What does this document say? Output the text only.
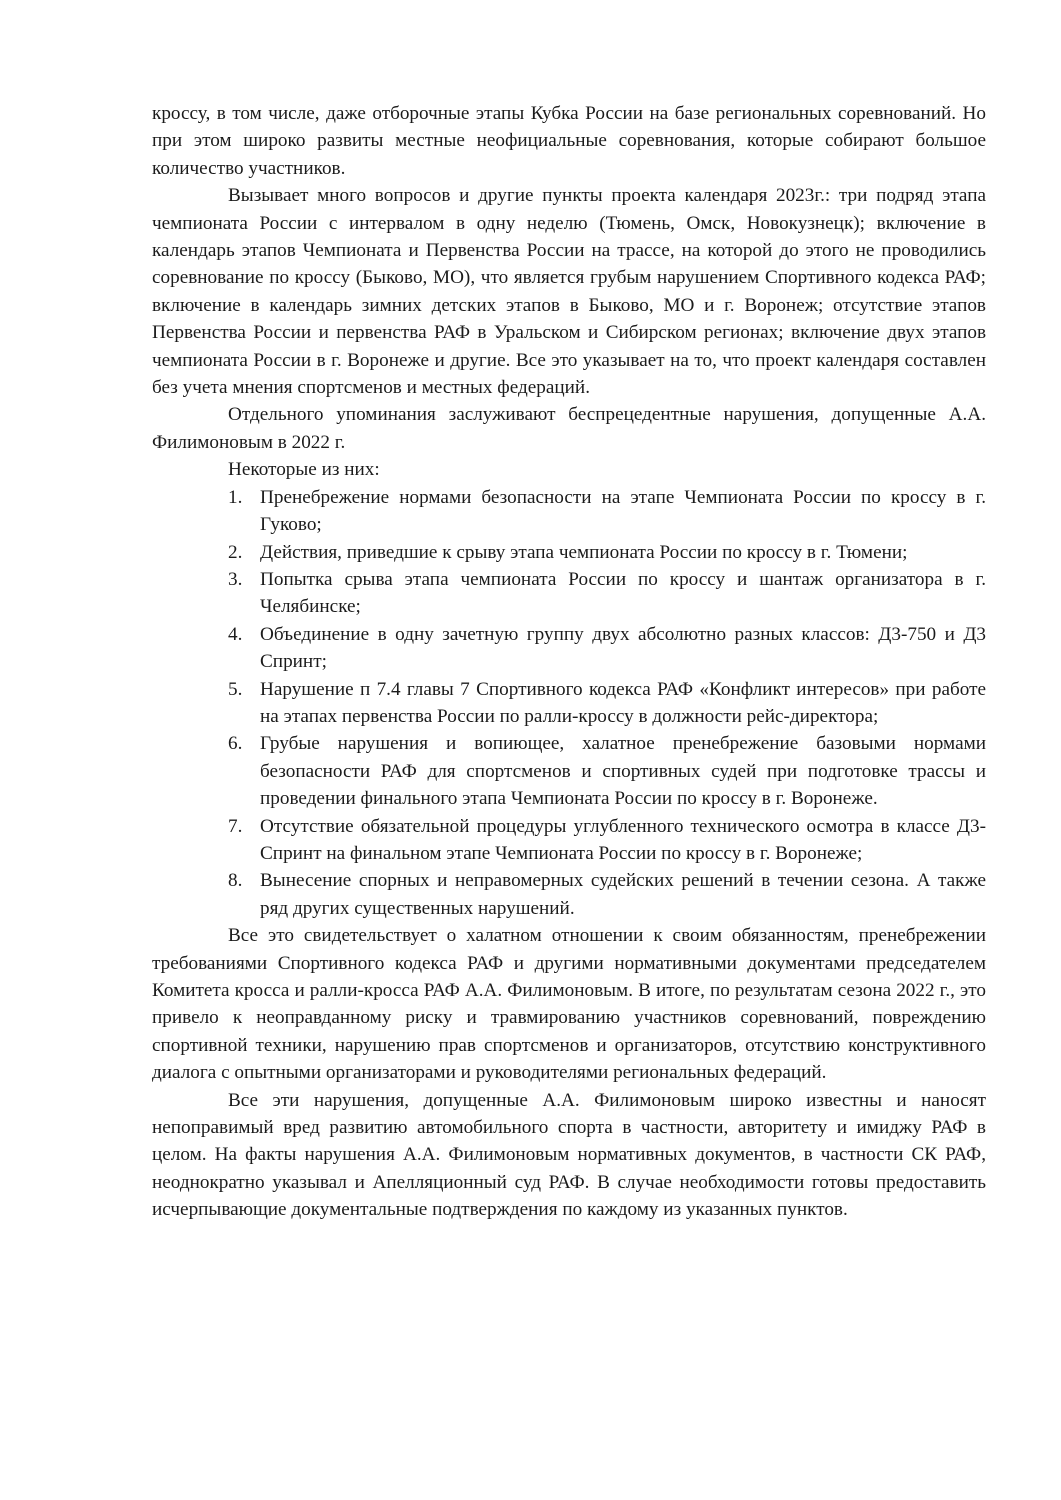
кроссу, в том числе, даже отборочные этапы Кубка России на базе региональных соревнований. Но при этом широко развиты местные неофициальные соревнования, которые собирают большое количество участников.

Вызывает много вопросов и другие пункты проекта календаря 2023г.: три подряд этапа чемпионата России с интервалом в одну неделю (Тюмень, Омск, Новокузнецк); включение в календарь этапов Чемпионата и Первенства России на трассе, на которой до этого не проводились соревнование по кроссу (Быково, МО), что является грубым нарушением Спортивного кодекса РАФ; включение в календарь зимних детских этапов в Быково, МО и г. Воронеж; отсутствие этапов Первенства России и первенства РАФ в Уральском и Сибирском регионах; включение двух этапов чемпионата России в г. Воронеже и другие. Все это указывает на то, что проект календаря составлен без учета мнения спортсменов и местных федераций.

Отдельного упоминания заслуживают беспрецедентные нарушения, допущенные А.А. Филимоновым в 2022 г.

Некоторые из них:

1. Пренебрежение нормами безопасности на этапе Чемпионата России по кроссу в г. Гуково;
2. Действия, приведшие к срыву этапа чемпионата России по кроссу в г. Тюмени;
3. Попытка срыва этапа чемпионата России по кроссу и шантаж организатора в г. Челябинске;
4. Объединение в одну зачетную группу двух абсолютно разных классов: Д3-750 и Д3 Спринт;
5. Нарушение п 7.4 главы 7 Спортивного кодекса РАФ «Конфликт интересов» при работе на этапах первенства России по ралли-кроссу в должности рейс-директора;
6. Грубые нарушения и вопиющее, халатное пренебрежение базовыми нормами безопасности РАФ для спортсменов и спортивных судей при подготовке трассы и проведении финального этапа Чемпионата России по кроссу в г. Воронеже.
7. Отсутствие обязательной процедуры углубленного технического осмотра в классе Д3-Спринт на финальном этапе Чемпионата России по кроссу в г. Воронеже;
8. Вынесение спорных и неправомерных судейских решений в течении сезона. А также ряд других существенных нарушений.

Все это свидетельствует о халатном отношении к своим обязанностям, пренебрежении требованиями Спортивного кодекса РАФ и другими нормативными документами председателем Комитета кросса и ралли-кросса РАФ А.А. Филимоновым. В итоге, по результатам сезона 2022 г., это привело к неоправданному риску и травмированию участников соревнований, повреждению спортивной техники, нарушению прав спортсменов и организаторов, отсутствию конструктивного диалога с опытными организаторами и руководителями региональных федераций.

Все эти нарушения, допущенные А.А. Филимоновым широко известны и наносят непоправимый вред развитию автомобильного спорта в частности, авторитету и имиджу РАФ в целом. На факты нарушения А.А. Филимоновым нормативных документов, в частности СК РАФ, неоднократно указывал и Апелляционный суд РАФ. В случае необходимости готовы предоставить исчерпывающие документальные подтверждения по каждому из указанных пунктов.
